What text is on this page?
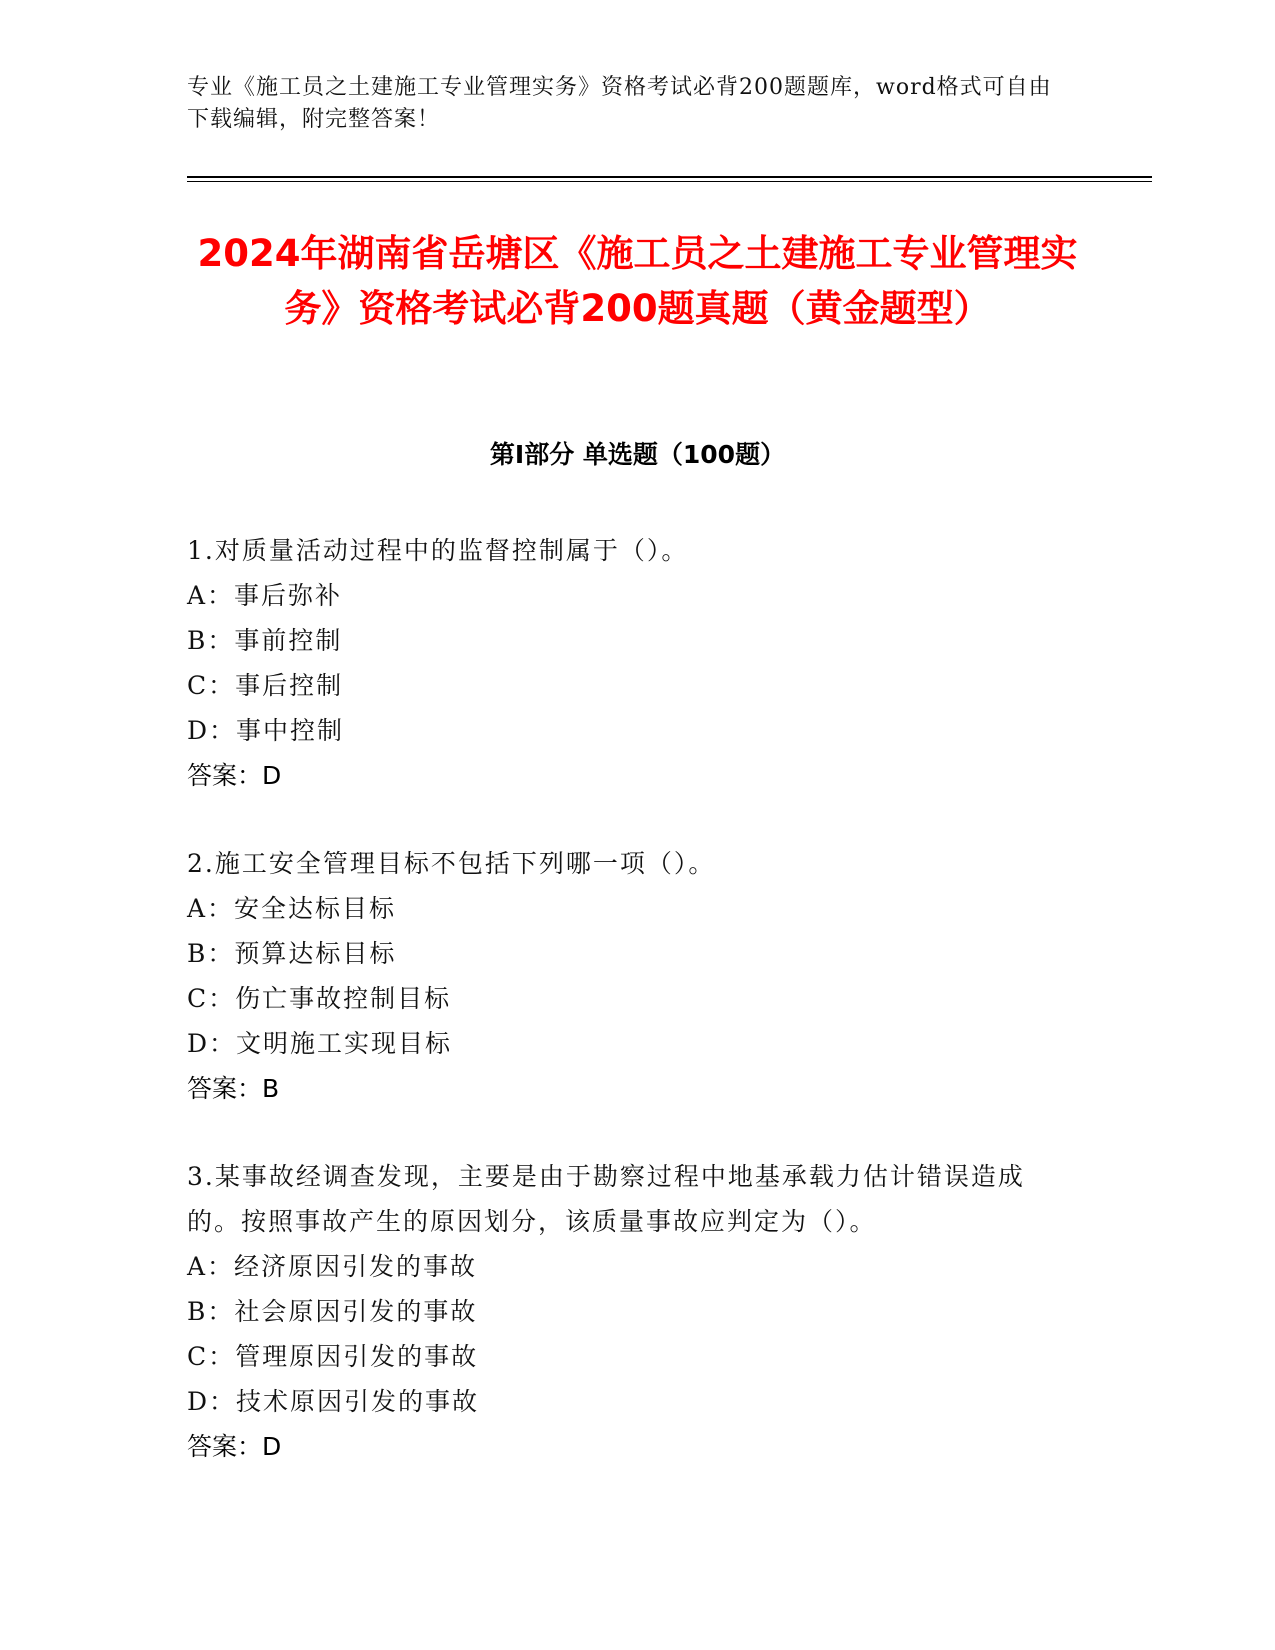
专业《施工员之土建施工专业管理实务》资格考试必背200题题库，word格式可自由下载编辑，附完整答案！
2024年湖南省岳塘区《施工员之土建施工专业管理实务》资格考试必背200题真题（黄金题型）
第Ⅰ部分 单选题（100题）
1.对质量活动过程中的监督控制属于（）。
A：事后弥补
B：事前控制
C：事后控制
D：事中控制
答案：D
2.施工安全管理目标不包括下列哪一项（）。
A：安全达标目标
B：预算达标目标
C：伤亡事故控制目标
D：文明施工实现目标
答案：B
3.某事故经调查发现，主要是由于勘察过程中地基承载力估计错误造成的。按照事故产生的原因划分，该质量事故应判定为（）。
A：经济原因引发的事故
B：社会原因引发的事故
C：管理原因引发的事故
D：技术原因引发的事故
答案：D
